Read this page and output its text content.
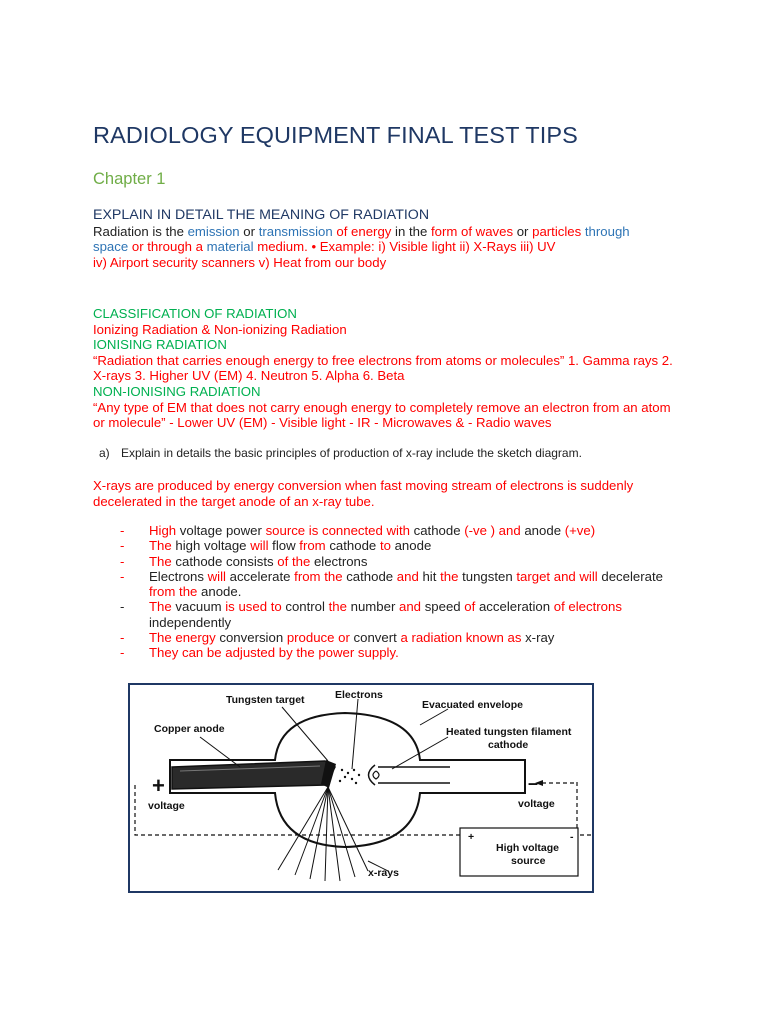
RADIOLOGY EQUIPMENT FINAL TEST TIPS
Chapter 1
EXPLAIN IN DETAIL THE MEANING OF RADIATION
Radiation is the emission or transmission of energy in the form of waves or particles through
space or through a material medium. • Example: i) Visible light ii) X-Rays iii) UV
iv) Airport security scanners v) Heat from our body
CLASSIFICATION OF RADIATION
Ionizing Radiation & Non-ionizing Radiation
IONISING RADIATION
“Radiation that carries enough energy to free electrons from atoms or molecules” 1. Gamma rays 2. X-rays 3. Higher UV (EM) 4. Neutron 5. Alpha 6. Beta
NON-IONISING RADIATION
“Any type of EM that does not carry enough energy to completely remove an electron from an atom or molecule” - Lower UV (EM) - Visible light - IR - Microwaves & - Radio waves
a) Explain in details the basic principles of production of x-ray include the sketch diagram.
X-rays are produced by energy conversion when fast moving stream of electrons is suddenly decelerated in the target anode of an x-ray tube.
- High voltage power source is connected with cathode (-ve ) and anode (+ve)
- The high voltage will flow from cathode to anode
- The cathode consists of the electrons
- Electrons will accelerate from the cathode and hit the tungsten target and will decelerate from the anode.
- The vacuum is used to control the number and speed of acceleration of electrons independently
- The energy conversion produce or convert a radiation known as x-ray
- They can be adjusted by the power supply.
Tungsten target	Electrons
Evacuated envelope
Copper anode	Heated tungsten filament
cathode
+	–
voltage	voltage
+	-
High voltage
source
x-rays
